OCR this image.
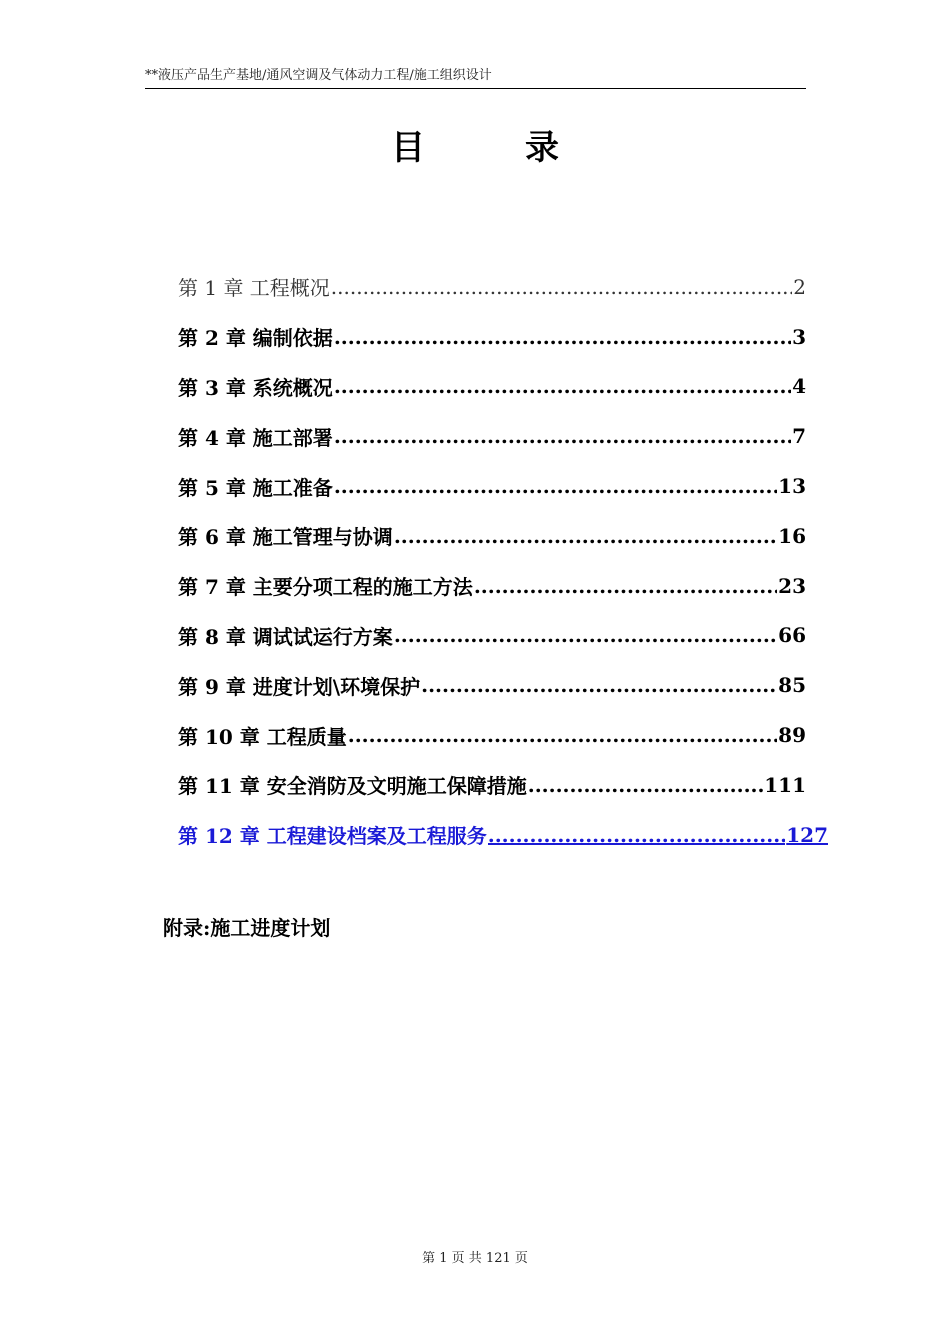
**液压产品生产基地/通风空调及气体动力工程/施工组织设计
目	录
第 1 章 工程概况 .....	2
第 2 章 编制依据 .....	3
第 3 章 系统概况 .....	4
第 4 章 施工部署 .....	7
第 5 章 施工准备 .....	13
第 6 章 施工管理与协调 .....	16
第 7 章 主要分项工程的施工方法 .....	23
第 8 章 调试试运行方案 .....	66
第 9 章 进度计划\环境保护 .....	85
第 10 章 工程质量 .....	89
第 11 章 安全消防及文明施工保障措施 .....	111
第 12 章 工程建设档案及工程服务 .....	127
附录:施工进度计划
第 1 页 共 121 页
